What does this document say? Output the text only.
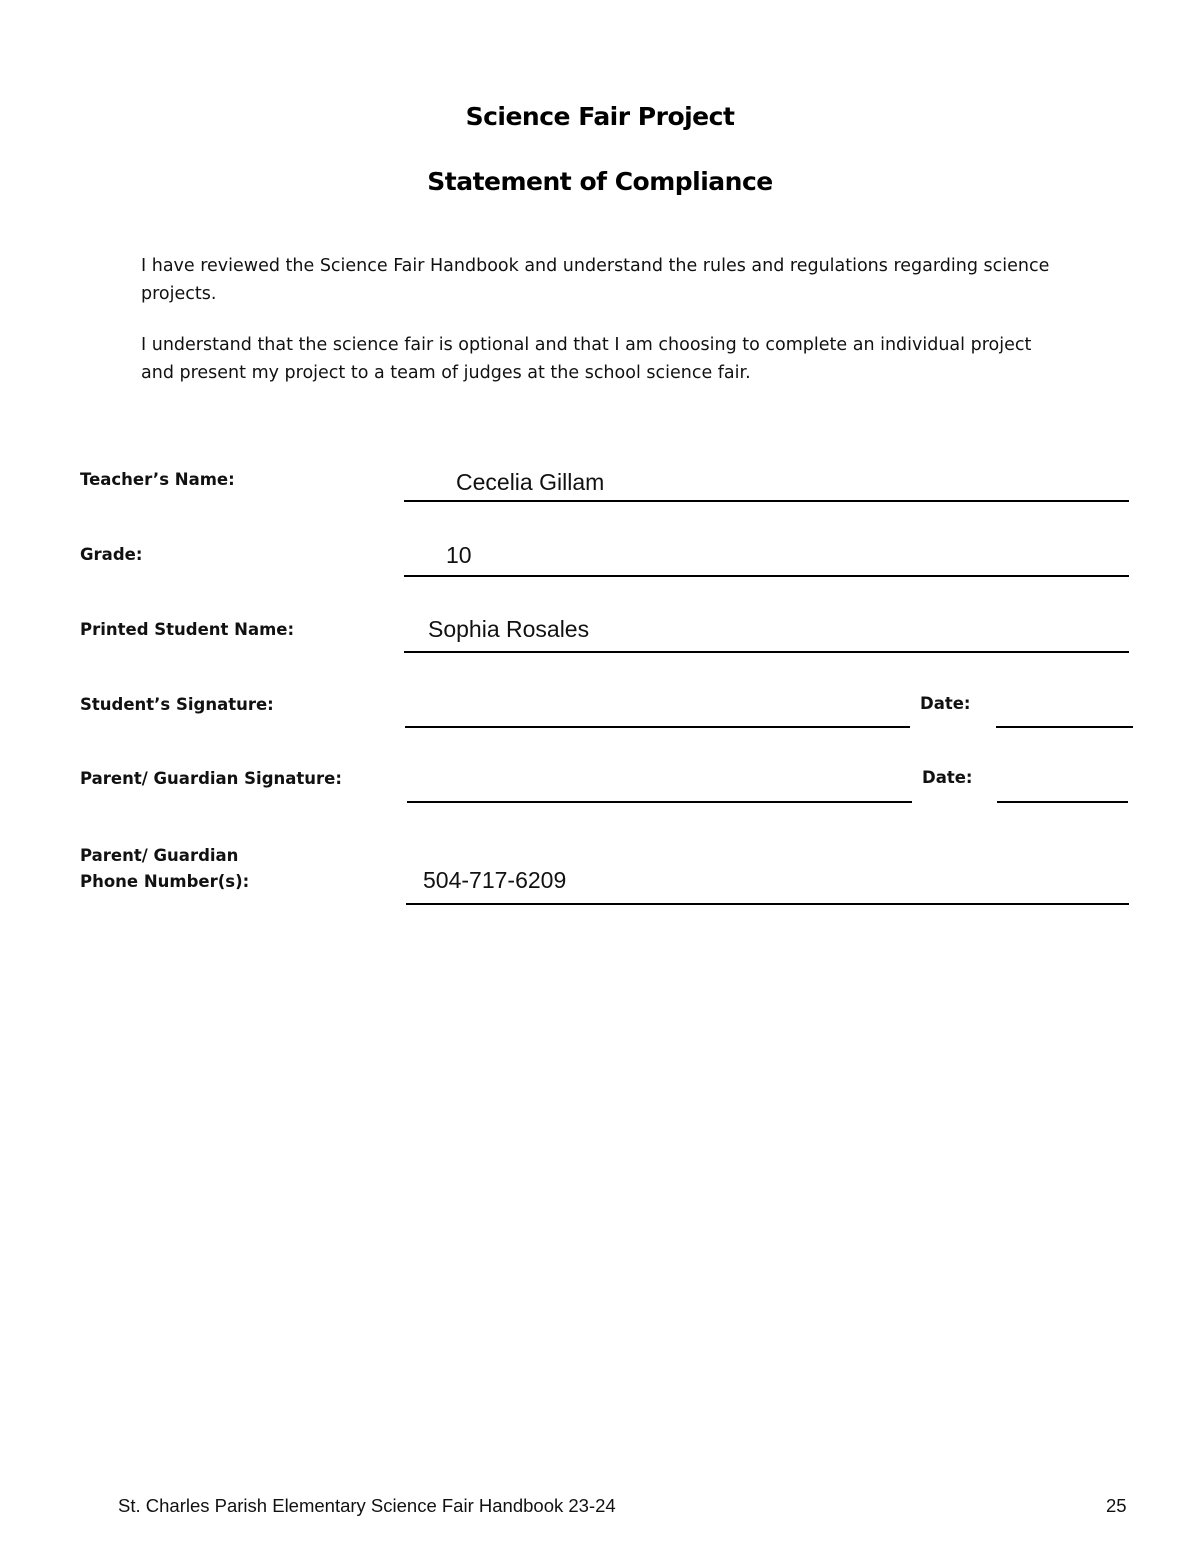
Science Fair Project
Statement of Compliance
I have reviewed the Science Fair Handbook and understand the rules and regulations regarding science projects.
I understand that the science fair is optional and that I am choosing to complete an individual project and present my project to a team of judges at the school science fair.
Teacher’s Name:	Cecelia Gillam
Grade:	10
Printed Student Name:	Sophia Rosales
Student’s Signature:	Date:
Parent/ Guardian Signature:	Date:
Parent/ Guardian
Phone Number(s):	504-717-6209
St. Charles Parish Elementary Science Fair Handbook 23-24	25
